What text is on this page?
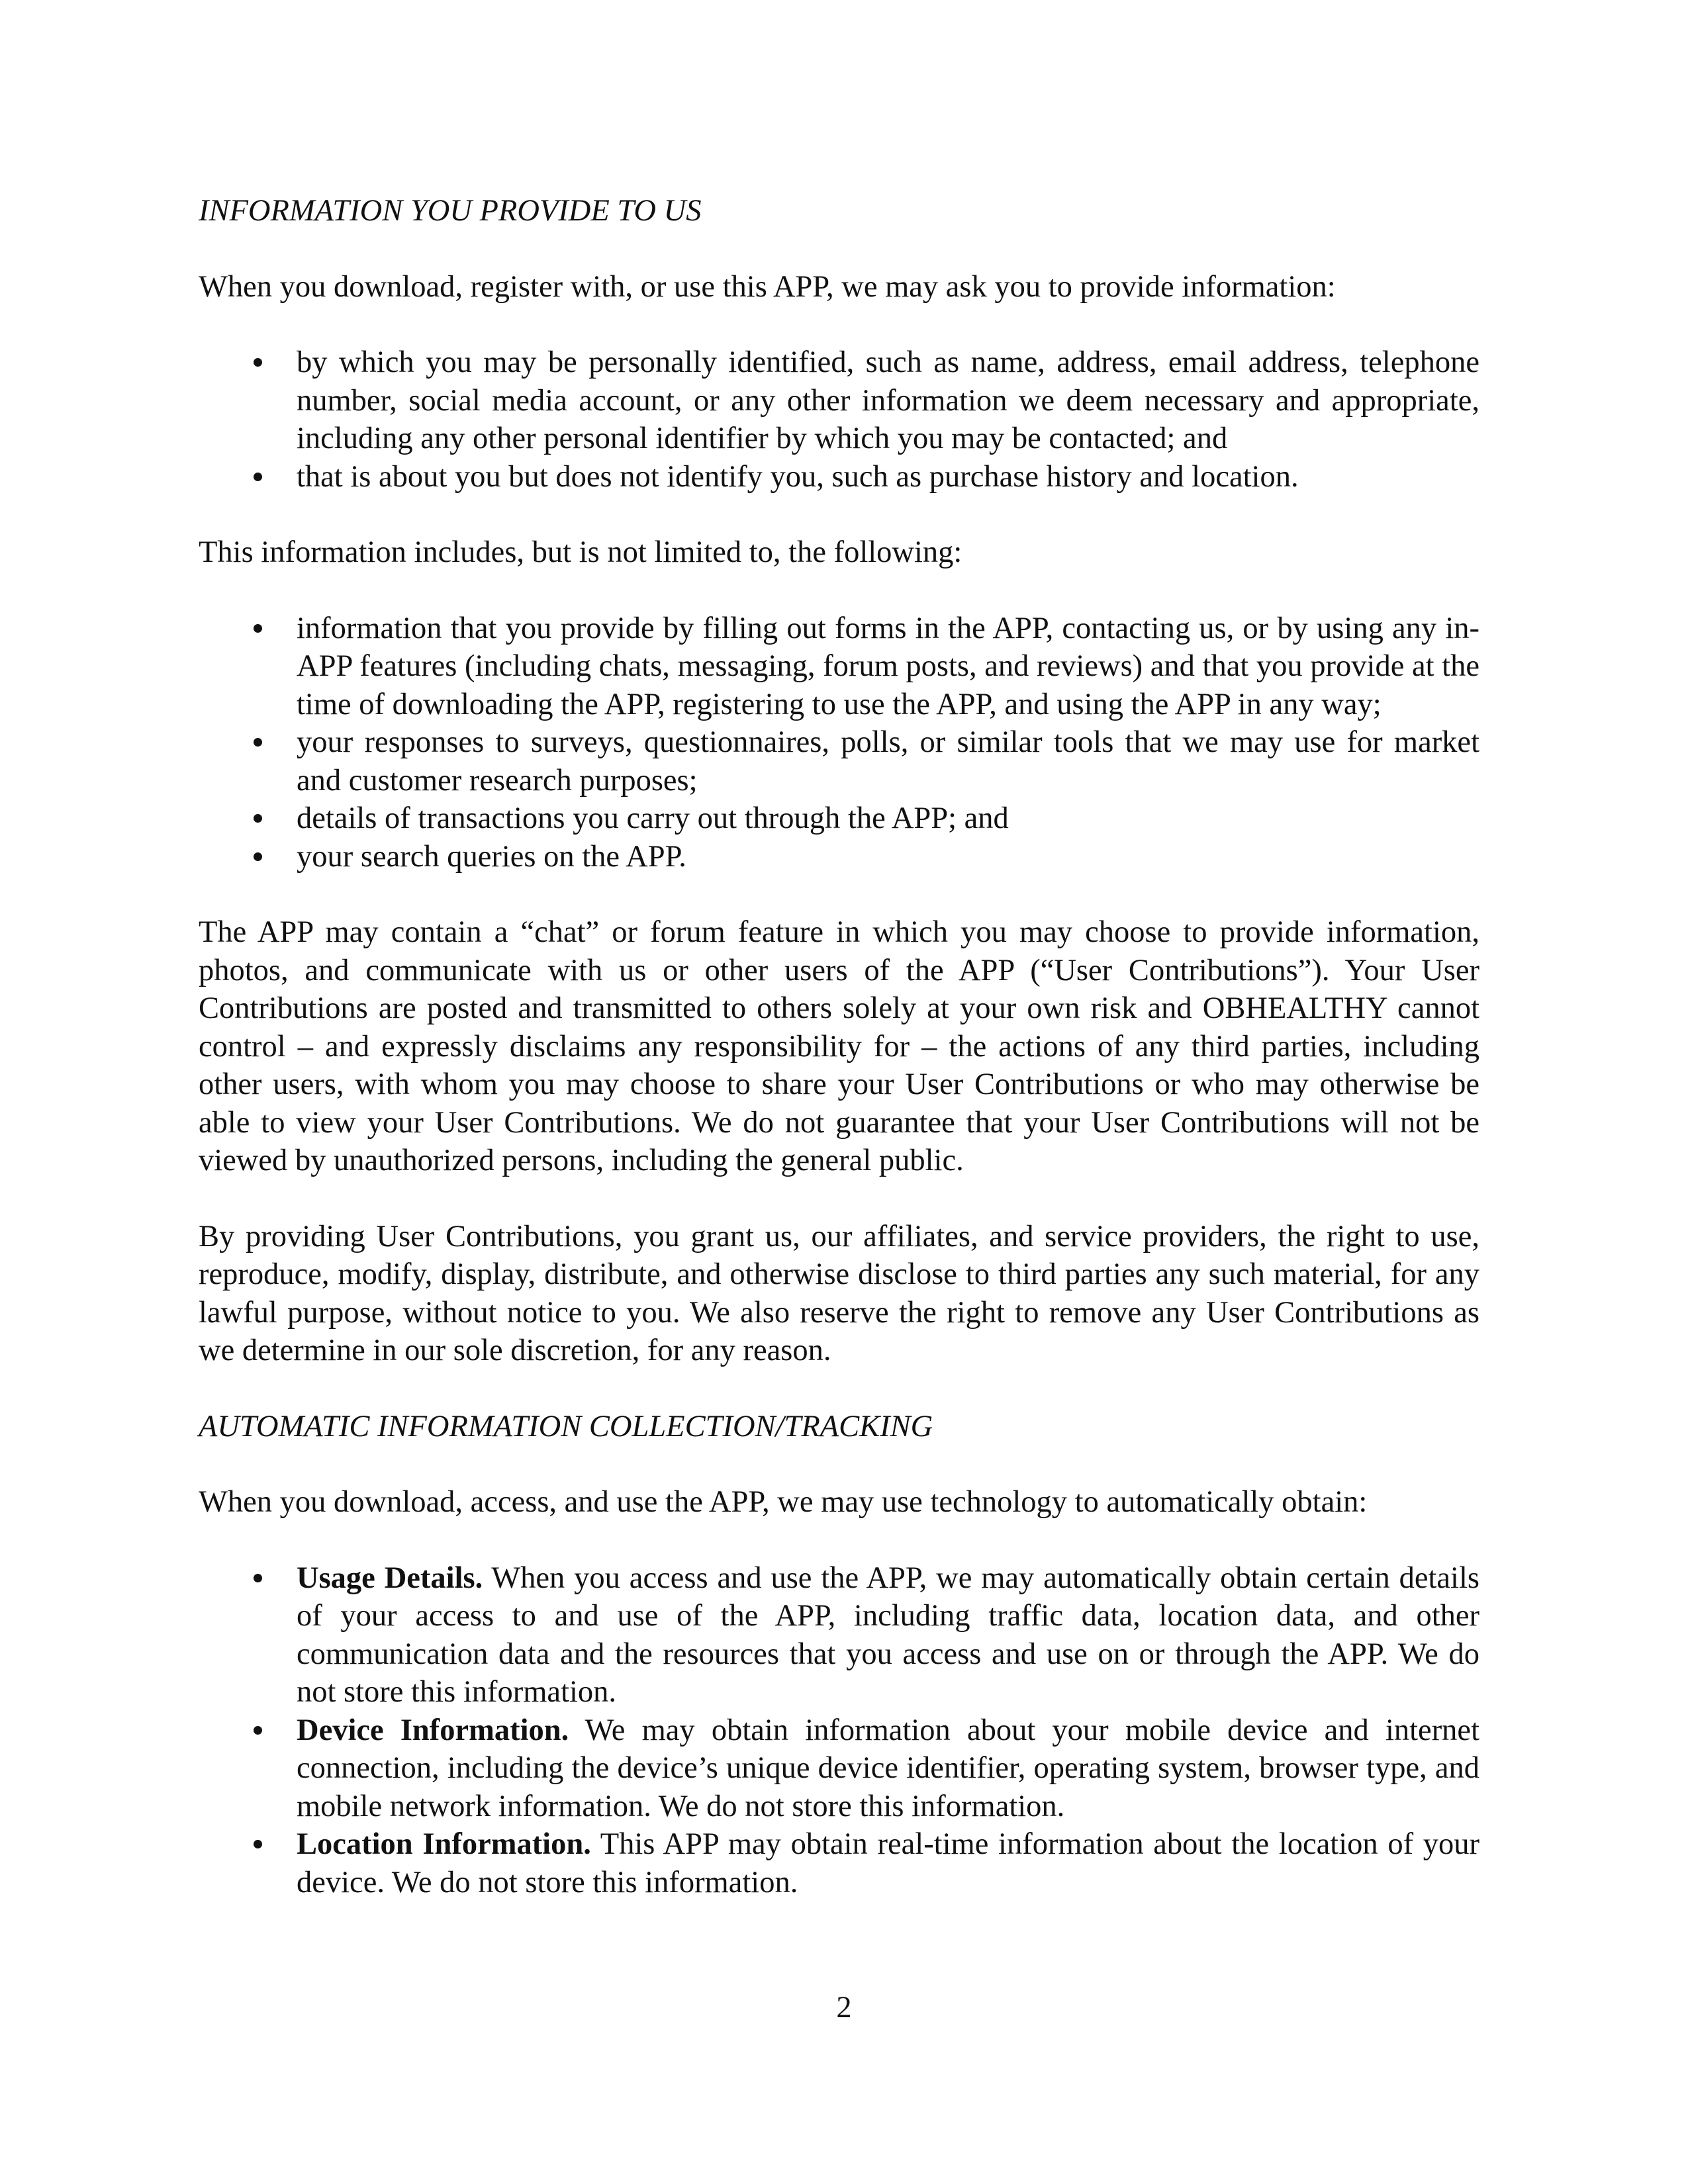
INFORMATION YOU PROVIDE TO US
When you download, register with, or use this APP, we may ask you to provide information:
by which you may be personally identified, such as name, address, email address, telephone number, social media account, or any other information we deem necessary and appropriate, including any other personal identifier by which you may be contacted; and
that is about you but does not identify you, such as purchase history and location.
This information includes, but is not limited to, the following:
information that you provide by filling out forms in the APP, contacting us, or by using any in-APP features (including chats, messaging, forum posts, and reviews) and that you provide at the time of downloading the APP, registering to use the APP, and using the APP in any way;
your responses to surveys, questionnaires, polls, or similar tools that we may use for market and customer research purposes;
details of transactions you carry out through the APP; and
your search queries on the APP.
The APP may contain a “chat” or forum feature in which you may choose to provide information, photos, and communicate with us or other users of the APP (“User Contributions”). Your User Contributions are posted and transmitted to others solely at your own risk and OBHEALTHY cannot control – and expressly disclaims any responsibility for – the actions of any third parties, including other users, with whom you may choose to share your User Contributions or who may otherwise be able to view your User Contributions. We do not guarantee that your User Contributions will not be viewed by unauthorized persons, including the general public.
By providing User Contributions, you grant us, our affiliates, and service providers, the right to use, reproduce, modify, display, distribute, and otherwise disclose to third parties any such material, for any lawful purpose, without notice to you. We also reserve the right to remove any User Contributions as we determine in our sole discretion, for any reason.
AUTOMATIC INFORMATION COLLECTION/TRACKING
When you download, access, and use the APP, we may use technology to automatically obtain:
Usage Details. When you access and use the APP, we may automatically obtain certain details of your access to and use of the APP, including traffic data, location data, and other communication data and the resources that you access and use on or through the APP. We do not store this information.
Device Information. We may obtain information about your mobile device and internet connection, including the device’s unique device identifier, operating system, browser type, and mobile network information. We do not store this information.
Location Information. This APP may obtain real-time information about the location of your device. We do not store this information.
2
